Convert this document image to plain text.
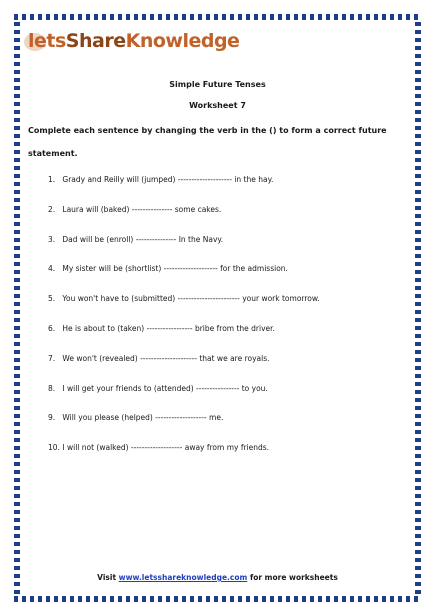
letsShareKnowledge
Simple Future Tenses
Worksheet 7
Complete each sentence by changing the verb in the () to form a correct future statement.
1. Grady and Reilly will (jumped) -------------------- in the hay.
2. Laura will (baked) --------------- some cakes.
3. Dad will be (enroll) --------------- In the Navy.
4. My sister will be (shortlist) -------------------- for the admission.
5. You won't have to (submitted) ----------------------- your work tomorrow.
6. He is about to (taken) ----------------- bribe from the driver.
7. We won't (revealed) --------------------- that we are royals.
8. I will get your friends to (attended) ---------------- to you.
9. Will you please (helped) ------------------- me.
10. I will not (walked) ------------------- away from my friends.
Visit www.letsshareknowledge.com for more worksheets
